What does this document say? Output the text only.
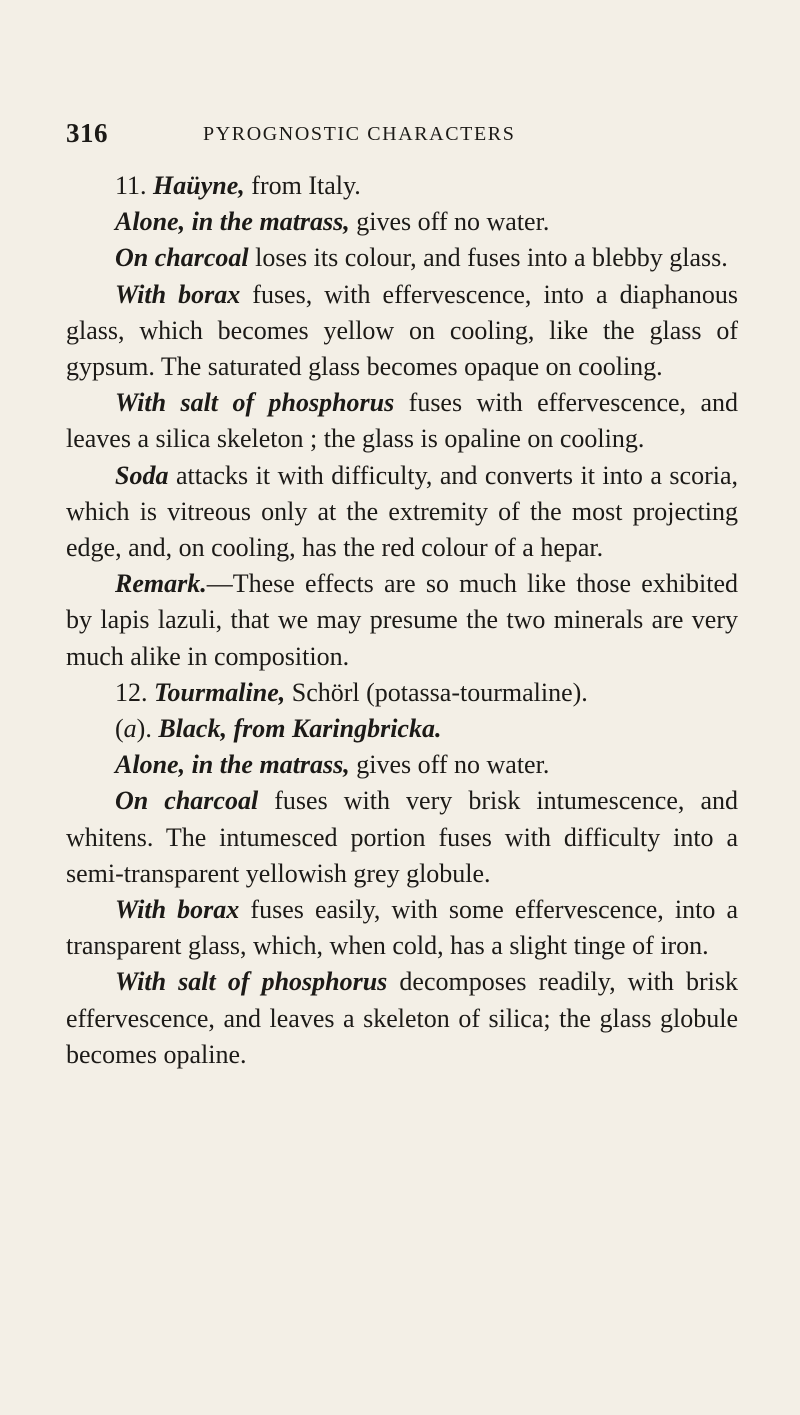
316	PYROGNOSTIC CHARACTERS

11. Haüyne, from Italy.

Alone, in the matrass, gives off no water.

On charcoal loses its colour, and fuses into a blebby glass.

With borax fuses, with effervescence, into a diaphanous glass, which becomes yellow on cooling, like the glass of gypsum. The saturated glass becomes opaque on cooling.

With salt of phosphorus fuses with effervescence, and leaves a silica skeleton ; the glass is opaline on cooling.

Soda attacks it with difficulty, and converts it into a scoria, which is vitreous only at the extremity of the most projecting edge, and, on cooling, has the red colour of a hepar.

Remark.—These effects are so much like those exhibited by lapis lazuli, that we may presume the two minerals are very much alike in composition.

12. Tourmaline, Schörl (potassa-tourmaline).

(a). Black, from Karingbricka.

Alone, in the matrass, gives off no water.

On charcoal fuses with very brisk intumescence, and whitens. The intumesced portion fuses with difficulty into a semi-transparent yellowish grey globule.

With borax fuses easily, with some effervescence, into a transparent glass, which, when cold, has a slight tinge of iron.

With salt of phosphorus decomposes readily, with brisk effervescence, and leaves a skeleton of silica; the glass globule becomes opaline.
